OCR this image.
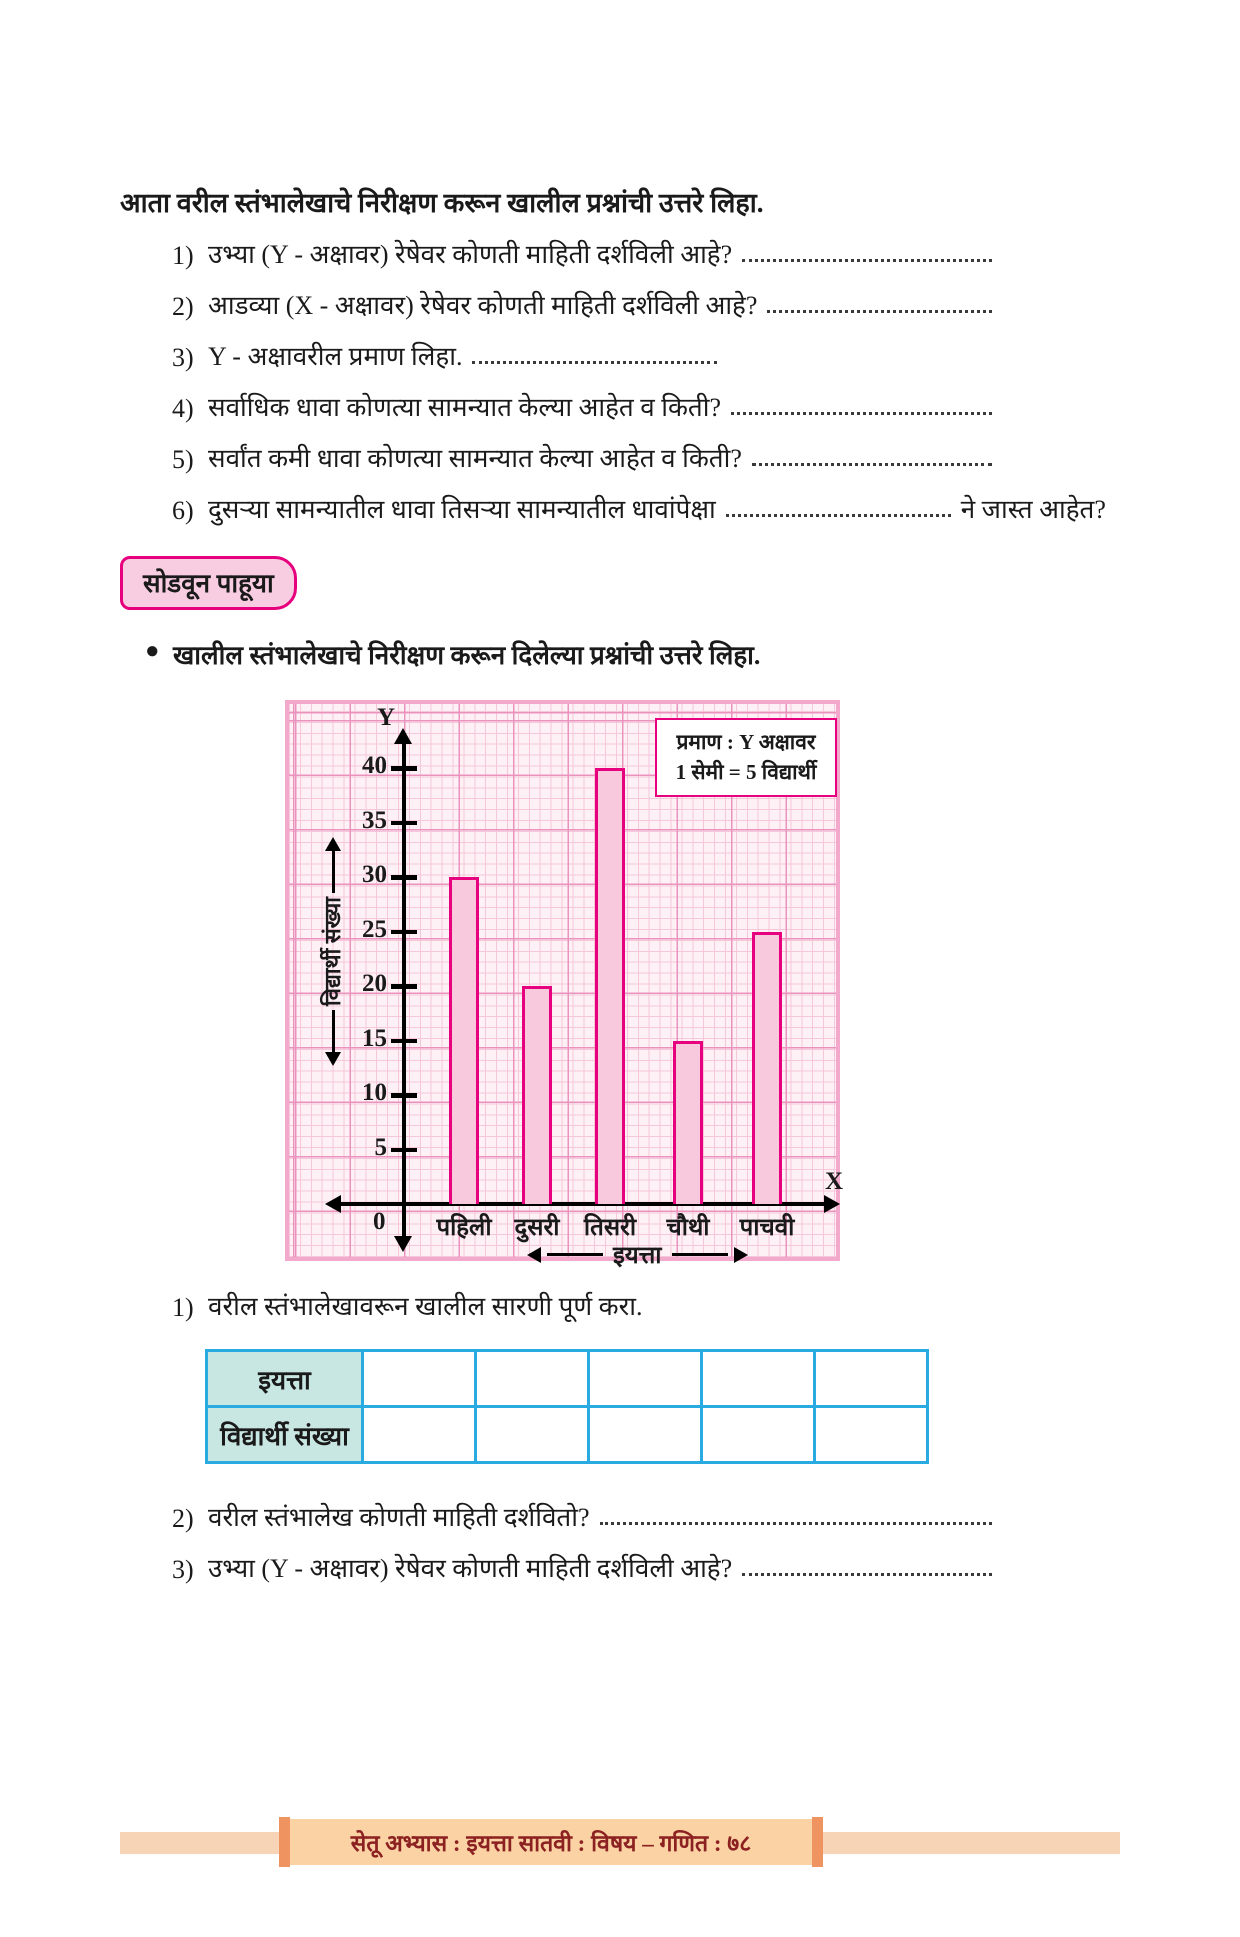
आता वरील स्तंभालेखाचे निरीक्षण करून खालील प्रश्नांची उत्तरे लिहा.
1) उभ्या (Y - अक्षावर) रेषेवर कोणती माहिती दर्शविली आहे?
2) आडव्या (X - अक्षावर) रेषेवर कोणती माहिती दर्शविली आहे?
3) Y - अक्षावरील प्रमाण लिहा.
4) सर्वाधिक धावा कोणत्या सामन्यात केल्या आहेत व किती?
5) सर्वांत कमी धावा कोणत्या सामन्यात केल्या आहेत व किती?
6) दुसऱ्या सामन्यातील धावा तिसऱ्या सामन्यातील धावांपेक्षा	ने जास्त आहेत?
सोडवून पाहूया
● खालील स्तंभालेखाचे निरीक्षण करून दिलेल्या प्रश्नांची उत्तरे लिहा.
Y
X
0
प्रमाण : Y अक्षावर
1 सेमी = 5 विद्यार्थी
विद्यार्थी संख्या
इयत्ता
5
10
15
20
25
30
35
40
पहिली दुसरी	तिसरी	चौथी	पाचवी
1) वरील स्तंभालेखावरून खालील सारणी पूर्ण करा.
इयत्ता					
विद्यार्थी संख्या					
2) वरील स्तंभालेख कोणती माहिती दर्शवितो?
3) उभ्या (Y - अक्षावर) रेषेवर कोणती माहिती दर्शविली आहे?
सेतू अभ्यास : इयत्ता सातवी : विषय – गणित : ७८
